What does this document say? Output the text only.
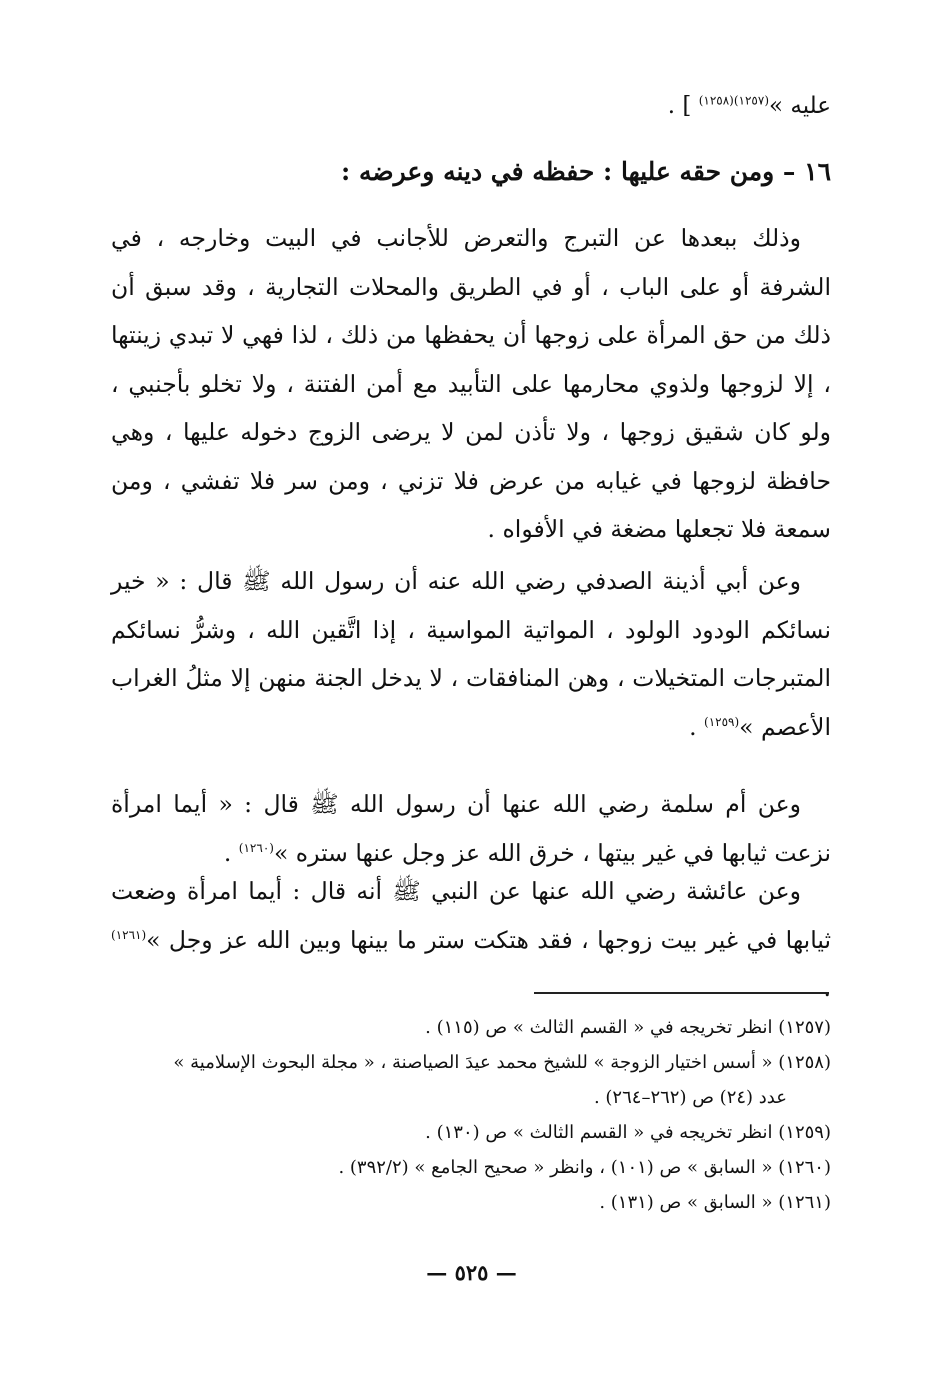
عليه »$^{(١٢٥٧)(١٢٥٨)}$ ] .
١٦ – ومن حقه عليها : حفظه في دينه وعرضه :
وذلك ببعدها عن التبرج والتعرض للأجانب في البيت وخارجه ، في الشرفة أو على الباب ، أو في الطريق والمحلات التجارية ، وقد سبق أن ذلك من حق المرأة على زوجها أن يحفظها من ذلك ، لذا فهي لا تبدي زينتها ، إلا لزوجها ولذوي محارمها على التأبيد مع أمن الفتنة ، ولا تخلو بأجنبي ، ولو كان شقيق زوجها ، ولا تأذن لمن لا يرضى الزوج دخوله عليها ، وهي حافظة لزوجها في غيابه من عرض فلا تزني ، ومن سر فلا تفشي ، ومن سمعة فلا تجعلها مضغة في الأفواه .
وعن أبي أذينة الصدفي رضي الله عنه أن رسول الله ﷺ قال : « خير نسائكم الودود الولود ، المواتية المواسية ، إذا اتَّقين الله ، وشرُّ نسائكم المتبرجات المتخيلات ، وهن المنافقات ، لا يدخل الجنة منهن إلا مثلُ الغراب الأعصم »$^{(١٢٥٩)}$ .
وعن أم سلمة رضي الله عنها أن رسول الله ﷺ قال : « أيما امرأة نزعت ثيابها في غير بيتها ، خرق الله عز وجل عنها ستره »$^{(١٢٦٠)}$ .
وعن عائشة رضي الله عنها عن النبي ﷺ أنه قال : أيما امرأة وضعت ثيابها في غير بيت زوجها ، فقد هتكت ستر ما بينها وبين الله عز وجل »$^{(١٢٦١)}$ .
(١٢٥٧) انظر تخريجه في « القسم الثالث » ص (١١٥) .
(١٢٥٨) « أسس اختيار الزوجة » للشيخ محمد عيدَ الصياصنة ، « مجلة البحوث الإسلامية »
عدد (٢٤) ص (٢٦٢–٢٦٤) .
(١٢٥٩) انظر تخريجه في « القسم الثالث » ص (١٣٠) .
(١٢٦٠) « السابق » ص (١٠١) ، وانظر « صحيح الجامع » (٣٩٢/٢) .
(١٢٦١) « السابق » ص (١٣١) .
— ٥٢٥ —
